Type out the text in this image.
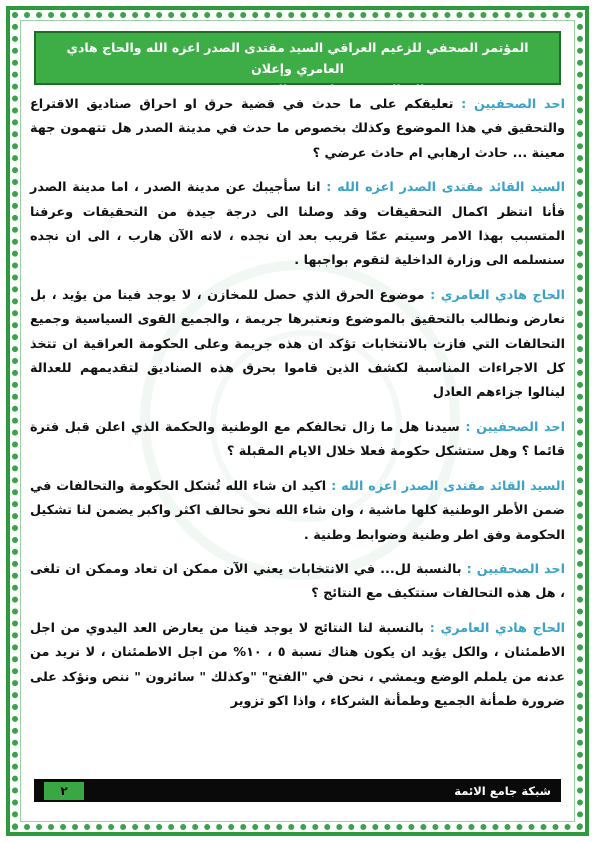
المؤتمر الصحفي للزعيم العراقي السيد مقتدى الصدر اعزه الله والحاج هادي العامري وإعلان
التحالف بين سائرون والفتح ١٢ / ٦ / ٢٠١٨

احد الصحفيين : تعليقكم على ما حدث في قضية حرق او احراق صناديق الاقتراع والتحقيق في هذا الموضوع وكذلك بخصوص ما حدث في مدينة الصدر هل تتهمون جهة معينة ... حادث ارهابي ام حادث عرضي ؟

السيد القائد مقتدى الصدر اعزه الله : انا سأجيبك عن مدينة الصدر ، اما مدينة الصدر فأنا انتظر اكمال التحقيقات وقد وصلنا الى درجة جيدة من التحقيقات وعرفنا المتسبب بهذا الامر وسيتم عمّا قريب بعد ان نجده ، لانه الآن هارب ، الى ان نجده سنسلمه الى وزارة الداخلية لتقوم بواجبها .

الحاج هادي العامري : موضوع الحرق الذي حصل للمخازن ، لا يوجد فينا من يؤيد ، بل نعارض ونطالب بالتحقيق بالموضوع ونعتبرها جريمة ، والجميع القوى السياسية وجميع التحالفات التي فازت بالانتخابات تؤكد ان هذه جريمة وعلى الحكومة العراقية ان تتخذ كل الاجراءات المناسبة لكشف الذين قاموا بحرق هذه الصناديق لتقديمهم للعدالة لينالوا جزاءهم العادل

احد الصحفيين : سيدنا هل ما زال تحالفكم مع الوطنية والحكمة الذي اعلن قبل فترة قائما ؟ وهل ستشكل حكومة فعلا خلال الايام المقبلة ؟

السيد القائد مقتدى الصدر اعزه الله : اكيد ان شاء الله تُشكل الحكومة والتحالفات في ضمن الأطر الوطنية كلها ماشية ، وان شاء الله نحو تحالف اكثر واكبر يضمن لنا تشكيل الحكومة وفق اطر وطنية وضوابط وطنية .

احد الصحفيين : بالنسبة لل... في الانتخابات يعني الآن ممكن ان تعاد وممكن ان تلغى ، هل هذه التحالفات ستتكيف مع النتائج ؟

الحاج هادي العامري : بالنسبة لنا النتائج لا يوجد فينا من يعارض العد اليدوي من اجل الاطمئنان ، والكل يؤيد ان يكون هناك نسبة ٥ ، ١٠% من اجل الاطمئنان ، لا نريد من عدنه من يلملم الوضع ويمشي ، نحن في "الفتح" "وكذلك " سائرون " ننص ونؤكد على ضرورة طمأنة الجميع وطمأنة الشركاء ، واذا اكو تزوير

شبكة جامع الائمة
٢
